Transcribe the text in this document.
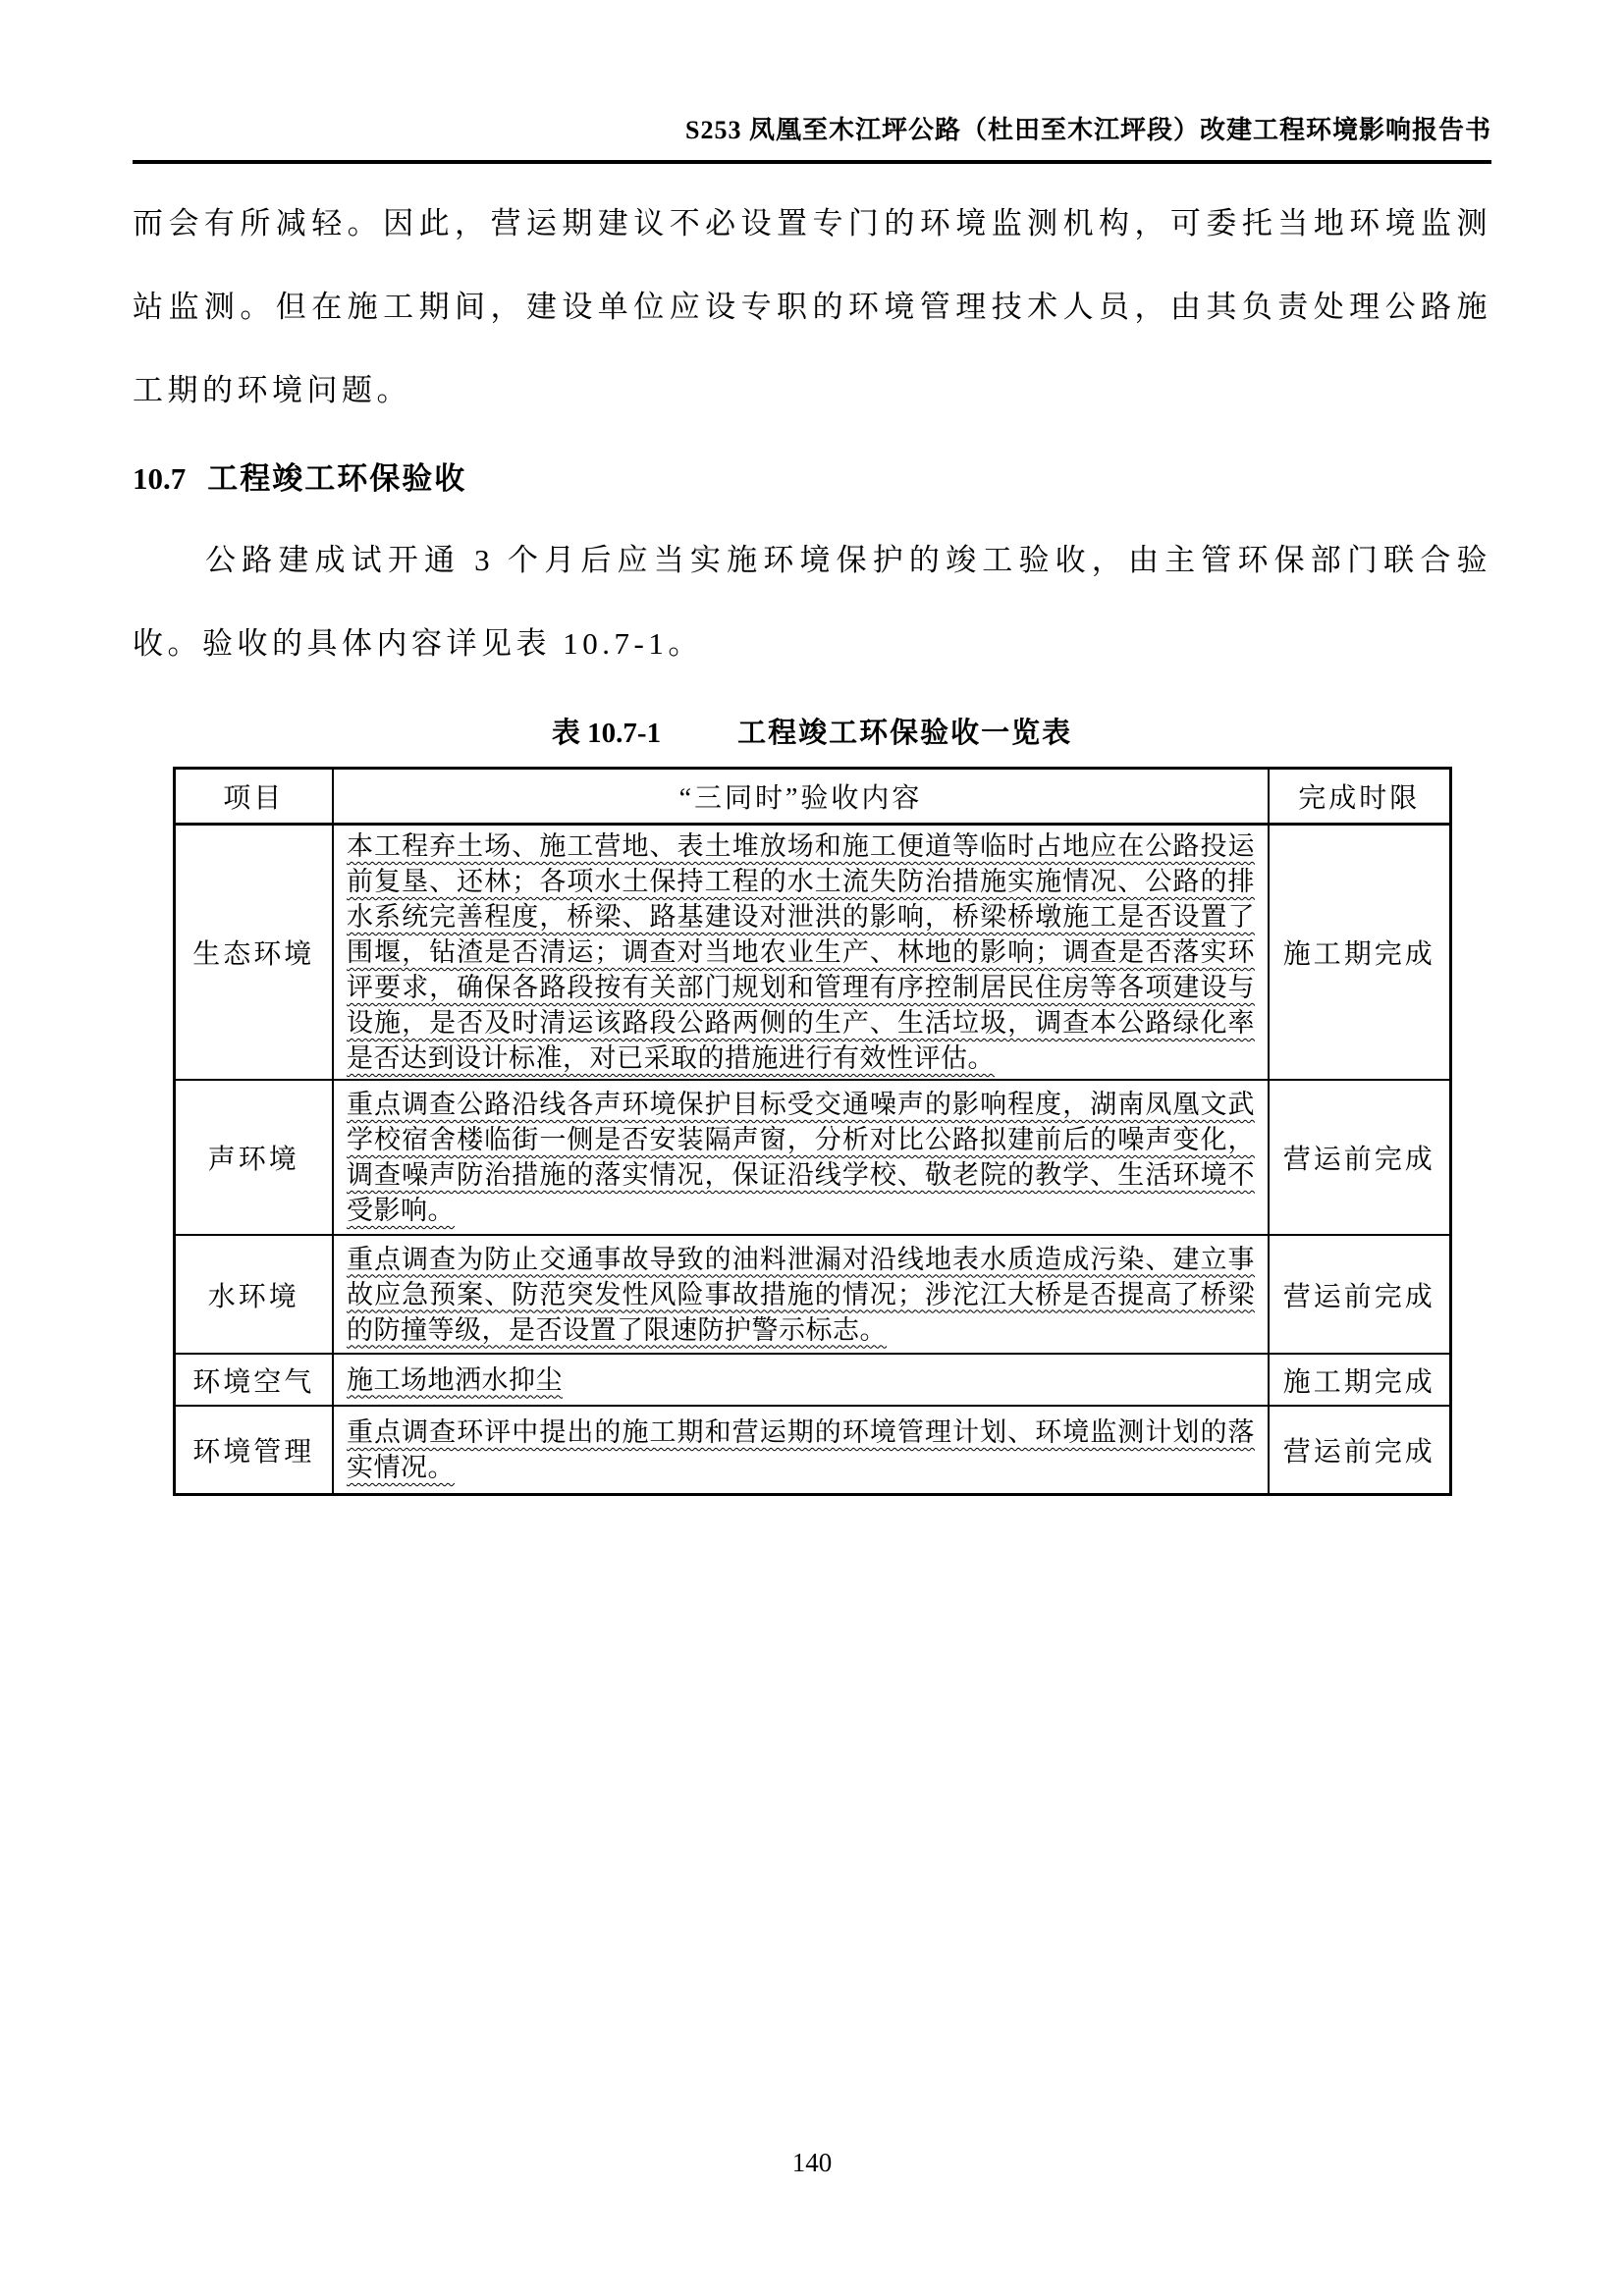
S253 凤凰至木江坪公路（杜田至木江坪段）改建工程环境影响报告书

而会有所减轻。因此，营运期建议不必设置专门的环境监测机构，可委托当地环境监测站监测。但在施工期间，建设单位应设专职的环境管理技术人员，由其负责处理公路施工期的环境问题。

10.7 工程竣工环保验收

公路建成试开通 3 个月后应当实施环境保护的竣工验收，由主管环保部门联合验收。验收的具体内容详见表 10.7-1。

表 10.7-1	工程竣工环保验收一览表
项目	“三同时”验收内容	完成时限
生态环境	本工程弃土场、施工营地、表土堆放场和施工便道等临时占地应在公路投运前复垦、还林；各项水土保持工程的水土流失防治措施实施情况、公路的排水系统完善程度，桥梁、路基建设对泄洪的影响，桥梁桥墩施工是否设置了围堰，钻渣是否清运；调查对当地农业生产、林地的影响；调查是否落实环评要求，确保各路段按有关部门规划和管理有序控制居民住房等各项建设与设施，是否及时清运该路段公路两侧的生产、生活垃圾，调查本公路绿化率是否达到设计标准，对已采取的措施进行有效性评估。	施工期完成
声环境	重点调查公路沿线各声环境保护目标受交通噪声的影响程度，湖南凤凰文武学校宿舍楼临街一侧是否安装隔声窗，分析对比公路拟建前后的噪声变化，调查噪声防治措施的落实情况，保证沿线学校、敬老院的教学、生活环境不受影响。	营运前完成
水环境	重点调查为防止交通事故导致的油料泄漏对沿线地表水质造成污染、建立事故应急预案、防范突发性风险事故措施的情况；涉沱江大桥是否提高了桥梁的防撞等级，是否设置了限速防护警示标志。	营运前完成
环境空气	施工场地洒水抑尘	施工期完成
环境管理	重点调查环评中提出的施工期和营运期的环境管理计划、环境监测计划的落实情况。	营运前完成
140
